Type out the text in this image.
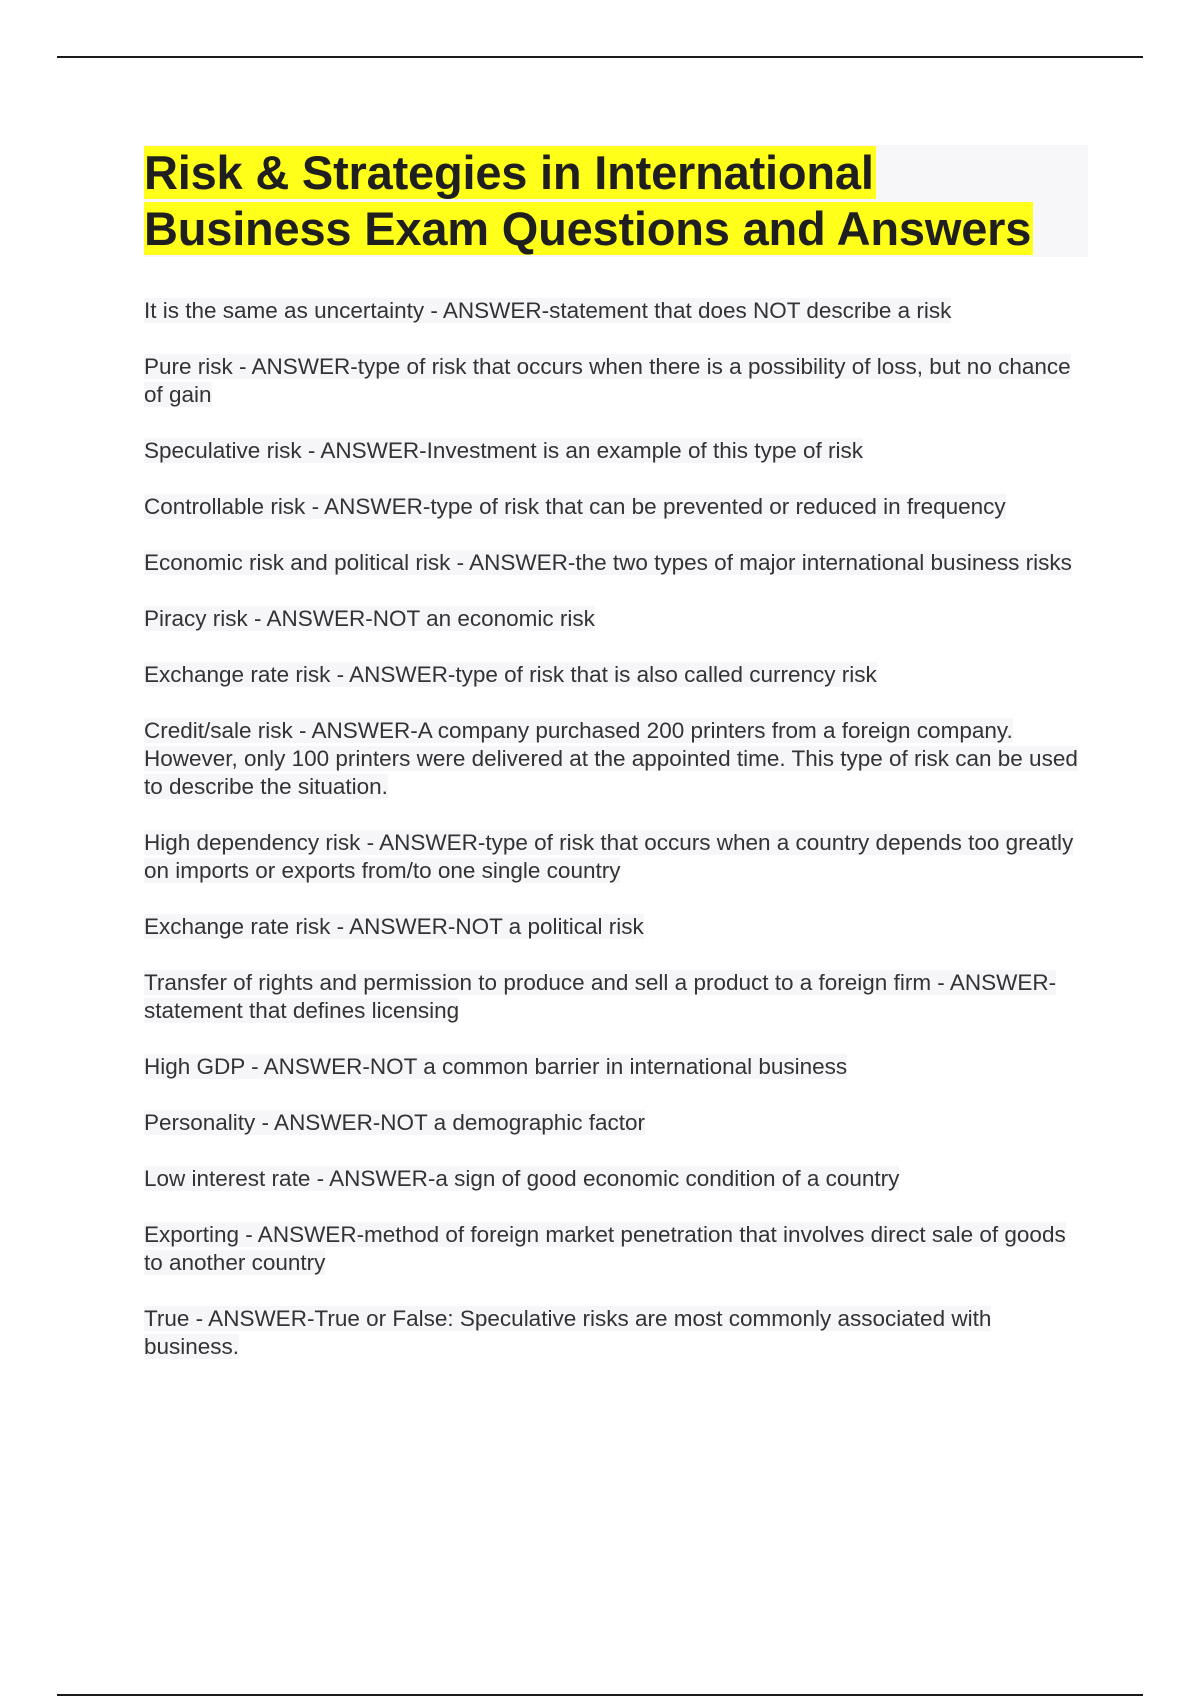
Risk & Strategies in International
Business Exam Questions and Answers

It is the same as uncertainty - ANSWER-statement that does NOT describe a risk

Pure risk - ANSWER-type of risk that occurs when there is a possibility of loss, but no chance of gain

Speculative risk - ANSWER-Investment is an example of this type of risk

Controllable risk - ANSWER-type of risk that can be prevented or reduced in frequency

Economic risk and political risk - ANSWER-the two types of major international business risks

Piracy risk - ANSWER-NOT an economic risk

Exchange rate risk - ANSWER-type of risk that is also called currency risk

Credit/sale risk - ANSWER-A company purchased 200 printers from a foreign company. However, only 100 printers were delivered at the appointed time. This type of risk can be used to describe the situation.

High dependency risk - ANSWER-type of risk that occurs when a country depends too greatly on imports or exports from/to one single country

Exchange rate risk - ANSWER-NOT a political risk

Transfer of rights and permission to produce and sell a product to a foreign firm - ANSWER-statement that defines licensing

High GDP - ANSWER-NOT a common barrier in international business

Personality - ANSWER-NOT a demographic factor

Low interest rate - ANSWER-a sign of good economic condition of a country

Exporting - ANSWER-method of foreign market penetration that involves direct sale of goods to another country

True - ANSWER-True or False: Speculative risks are most commonly associated with business.
